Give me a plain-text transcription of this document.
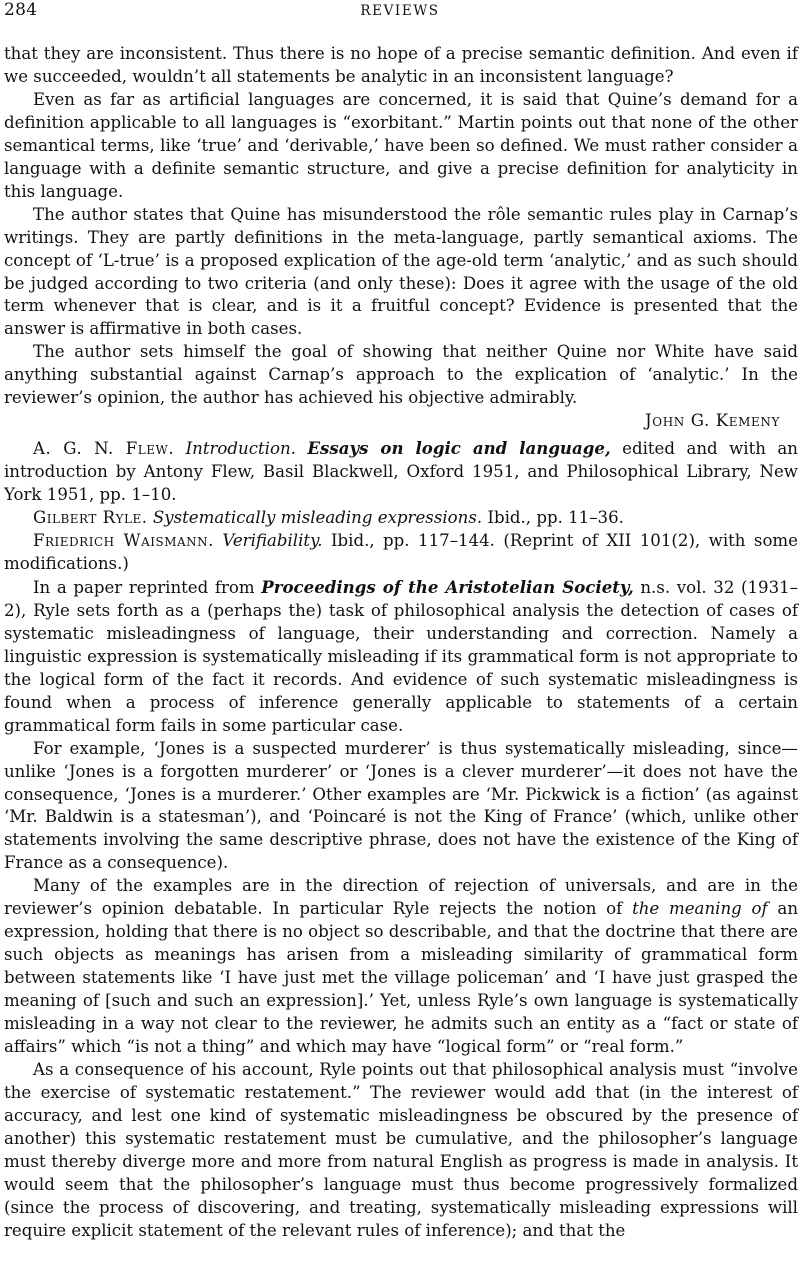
284	REVIEWS

that they are inconsistent. Thus there is no hope of a precise semantic definition. And even if we succeeded, wouldn’t all statements be analytic in an inconsistent language?

Even as far as artificial languages are concerned, it is said that Quine’s demand for a definition applicable to all languages is “exorbitant.” Martin points out that none of the other semantical terms, like ‘true’ and ‘derivable,’ have been so defined. We must rather consider a language with a definite semantic structure, and give a precise definition for analyticity in this language.

The author states that Quine has misunderstood the rôle semantic rules play in Carnap’s writings. They are partly definitions in the meta-language, partly semantical axioms. The concept of ‘L-true’ is a proposed explication of the age-old term ‘analytic,’ and as such should be judged according to two criteria (and only these): Does it agree with the usage of the old term whenever that is clear, and is it a fruitful concept? Evidence is presented that the answer is affirmative in both cases.

The author sets himself the goal of showing that neither Quine nor White have said anything substantial against Carnap’s approach to the explication of ‘analytic.’ In the reviewer’s opinion, the author has achieved his objective admirably.

John G. Kemeny

A. G. N. Flew. Introduction. Essays on logic and language, edited and with an introduction by Antony Flew, Basil Blackwell, Oxford 1951, and Philosophical Library, New York 1951, pp. 1–10.

Gilbert Ryle. Systematically misleading expressions. Ibid., pp. 11–36.

Friedrich Waismann. Verifiability. Ibid., pp. 117–144. (Reprint of XII 101(2), with some modifications.)

In a paper reprinted from Proceedings of the Aristotelian Society, n.s. vol. 32 (1931–2), Ryle sets forth as a (perhaps the) task of philosophical analysis the detection of cases of systematic misleadingness of language, their understanding and correction. Namely a linguistic expression is systematically misleading if its grammatical form is not appropriate to the logical form of the fact it records. And evidence of such systematic misleadingness is found when a process of inference generally applicable to statements of a certain grammatical form fails in some particular case.

For example, ‘Jones is a suspected murderer’ is thus systematically misleading, since—unlike ‘Jones is a forgotten murderer’ or ‘Jones is a clever murderer’—it does not have the consequence, ‘Jones is a murderer.’ Other examples are ‘Mr. Pickwick is a fiction’ (as against ‘Mr. Baldwin is a statesman’), and ‘Poincaré is not the King of France’ (which, unlike other statements involving the same descriptive phrase, does not have the existence of the King of France as a consequence).

Many of the examples are in the direction of rejection of universals, and are in the reviewer’s opinion debatable. In particular Ryle rejects the notion of the meaning of an expression, holding that there is no object so describable, and that the doctrine that there are such objects as meanings has arisen from a misleading similarity of grammatical form between statements like ‘I have just met the village policeman’ and ‘I have just grasped the meaning of [such and such an expression].’ Yet, unless Ryle’s own language is systematically misleading in a way not clear to the reviewer, he admits such an entity as a “fact or state of affairs” which “is not a thing” and which may have “logical form” or “real form.”

As a consequence of his account, Ryle points out that philosophical analysis must “involve the exercise of systematic restatement.” The reviewer would add that (in the interest of accuracy, and lest one kind of systematic misleadingness be obscured by the presence of another) this systematic restatement must be cumulative, and the philosopher’s language must thereby diverge more and more from natural English as progress is made in analysis. It would seem that the philosopher’s language must thus become progressively formalized (since the process of discovering, and treating, systematically misleading expressions will require explicit statement of the relevant rules of inference); and that the
